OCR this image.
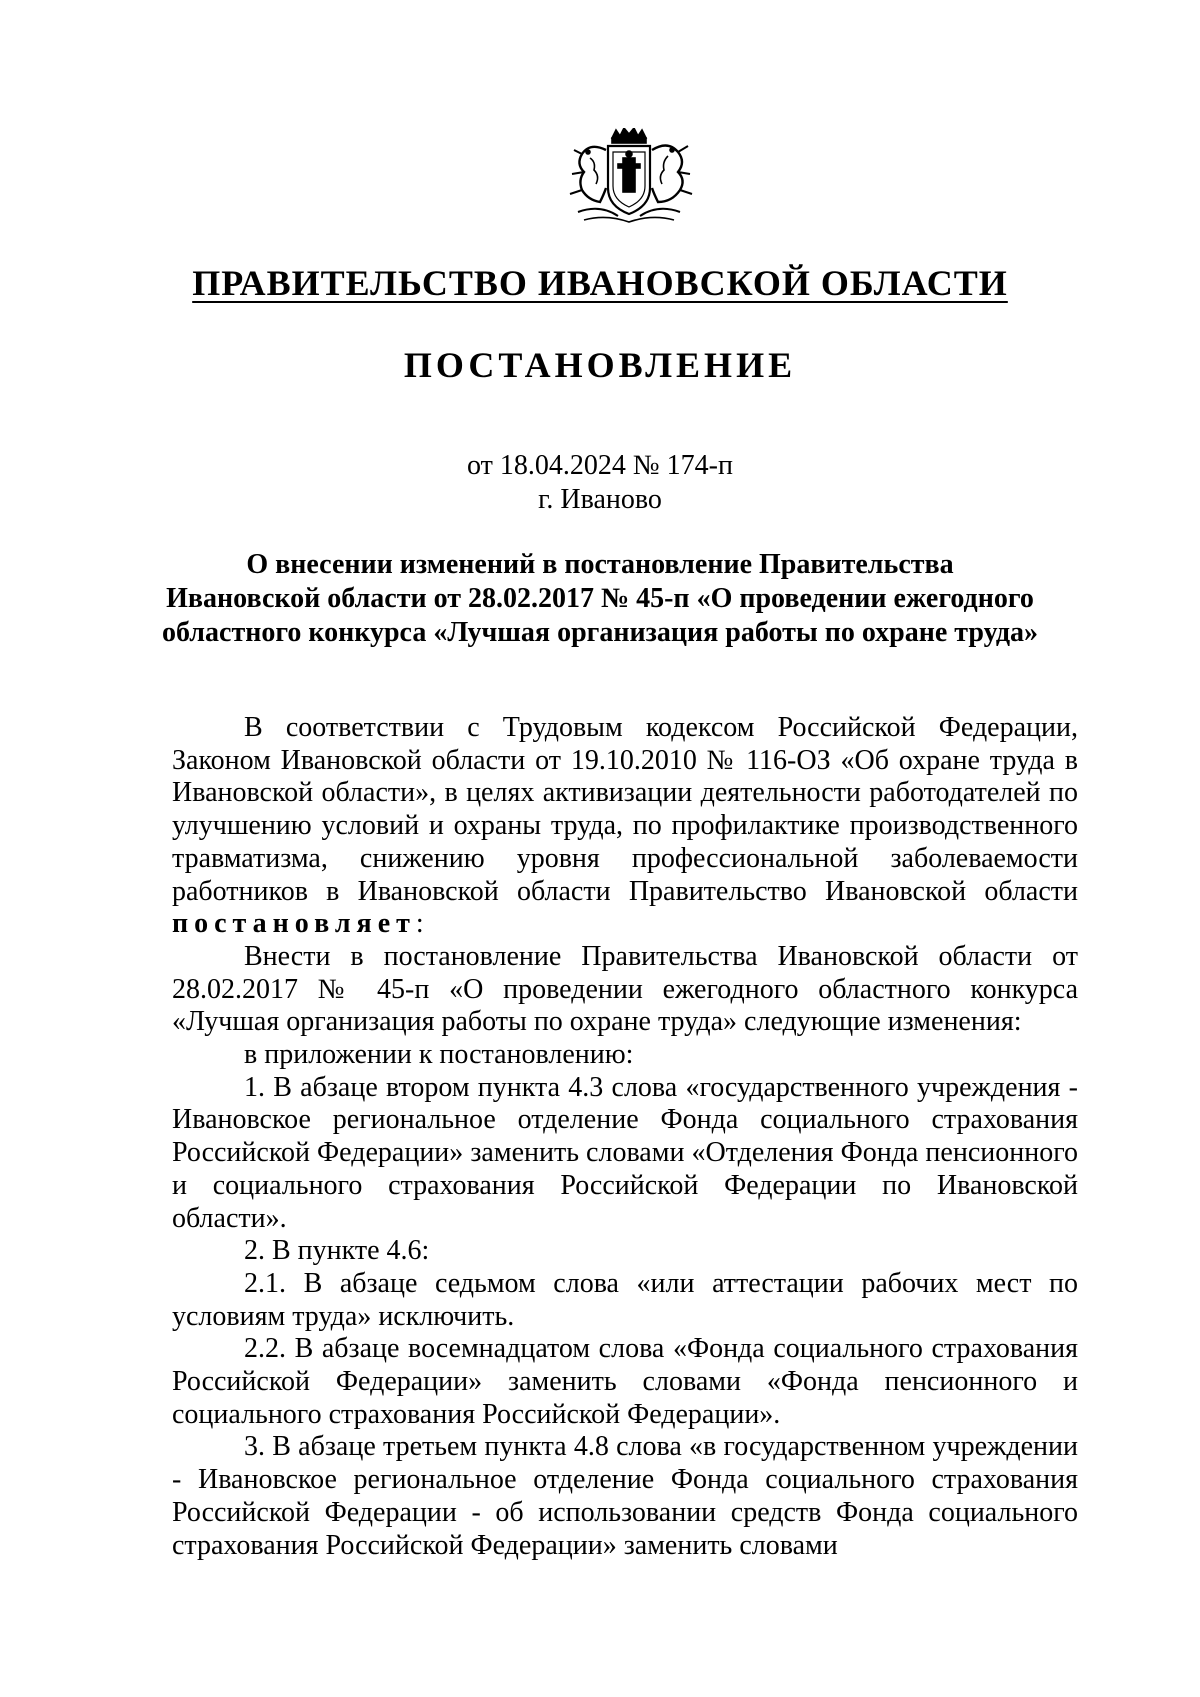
ПРАВИТЕЛЬСТВО ИВАНОВСКОЙ ОБЛАСТИ
ПОСТАНОВЛЕНИЕ
от 18.04.2024 № 174-п
г. Иваново
О внесении изменений в постановление Правительства
Ивановской области от 28.02.2017 № 45-п «О проведении ежегодного
областного конкурса «Лучшая организация работы по охране труда»

В соответствии с Трудовым кодексом Российской Федерации, Законом Ивановской области от 19.10.2010 № 116-ОЗ «Об охране труда в Ивановской области», в целях активизации деятельности работодателей по улучшению условий и охраны труда, по профилактике производственного травматизма, снижению уровня профессиональной заболеваемости работников в Ивановской области Правительство Ивановской области постановляет:

Внести в постановление Правительства Ивановской области от 28.02.2017 № 45-п «О проведении ежегодного областного конкурса «Лучшая организация работы по охране труда» следующие изменения:

в приложении к постановлению:

1. В абзаце втором пункта 4.3 слова «государственного учреждения - Ивановское региональное отделение Фонда социального страхования Российской Федерации» заменить словами «Отделения Фонда пенсионного и социального страхования Российской Федерации по Ивановской области».

2. В пункте 4.6:

2.1. В абзаце седьмом слова «или аттестации рабочих мест по условиям труда» исключить.

2.2. В абзаце восемнадцатом слова «Фонда социального страхования Российской Федерации» заменить словами «Фонда пенсионного и социального страхования Российской Федерации».

3. В абзаце третьем пункта 4.8 слова «в государственном учреждении - Ивановское региональное отделение Фонда социального страхования Российской Федерации - об использовании средств Фонда социального страхования Российской Федерации» заменить словами
